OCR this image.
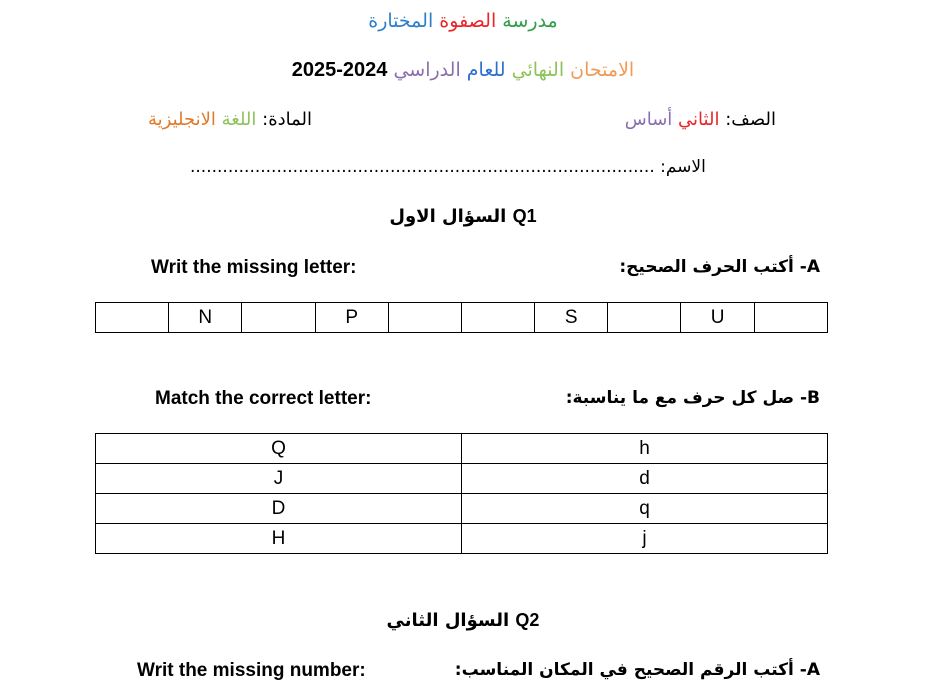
مدرسة الصفوة المختارة
الامتحان النهائي للعام الدراسي 2025-2024
الصف: الثاني أساس
المادة: اللغة الانجليزية
الاسم: ......................................................................................
Q1 السؤال الاول
Writ the missing letter:	A- أكتب الحرف الصحيح:
	N		P			S		U	
Match the correct letter:	B- صل كل حرف مع ما يناسبة:
Q	h
J	d
D	q
H	j
Q2 السؤال الثاني
Writ the missing number:	A- أكتب الرقم الصحيح في المكان المناسب:
